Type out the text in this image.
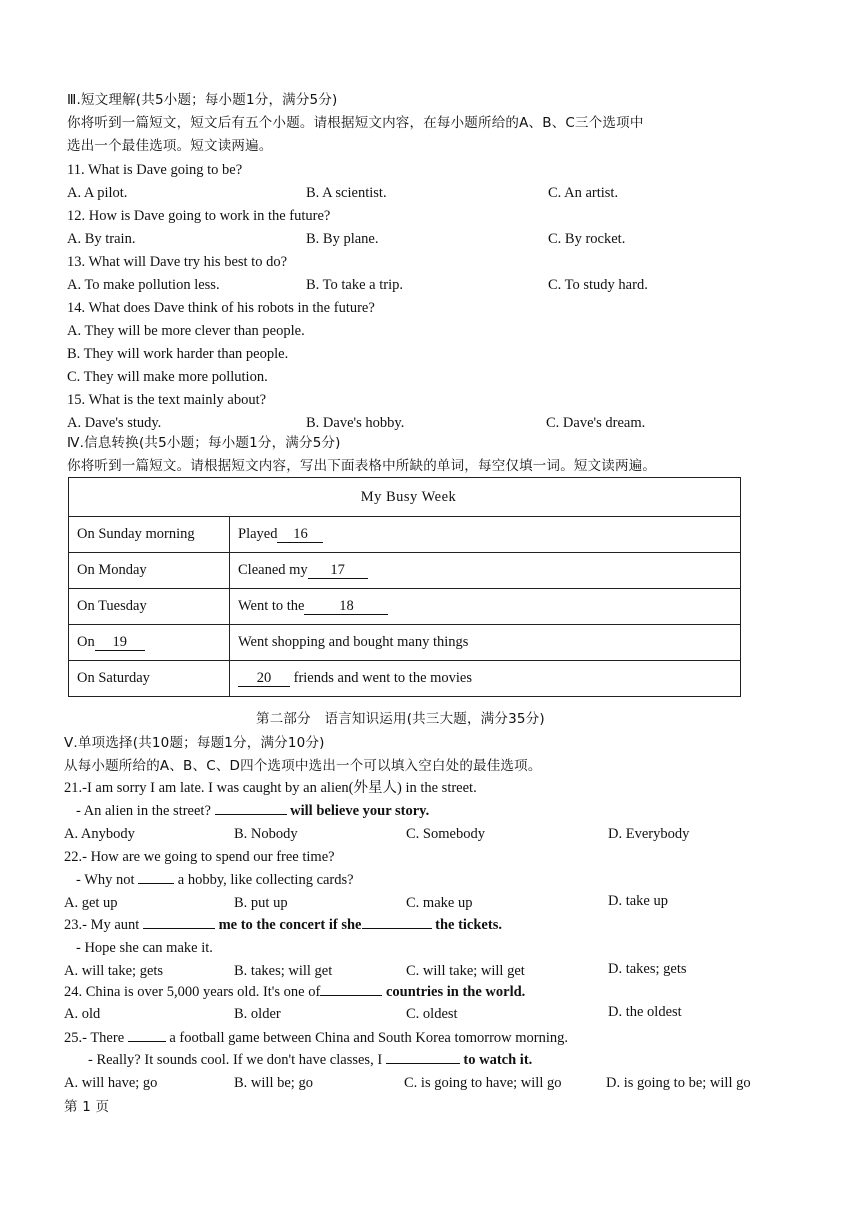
Ⅲ.短文理解(共5小题；每小题1分，满分5分)
你将听到一篇短文，短文后有五个小题。请根据短文内容，在每小题所给的A、B、C三个选项中
选出一个最佳选项。短文读两遍。
11. What is Dave going to be?
A. A pilot.	B. A scientist.	C. An artist.
12. How is Dave going to work in the future?
A. By train.	B. By plane.	C. By rocket.
13. What will Dave try his best to do?
A. To make pollution less.	B. To take a trip.	C. To study hard.
14. What does Dave think of his robots in the future?
A. They will be more clever than people.
B. They will work harder than people.
C. They will make more pollution.
15. What is the text mainly about?
A. Dave's study.	B. Dave's hobby.	C. Dave's dream.
Ⅳ.信息转换(共5小题；每小题1分，满分5分)
你将听到一篇短文。请根据短文内容，写出下面表格中所缺的单词，每空仅填一词。短文读两遍。
My Busy Week	
On Sunday morning	Played 16
On Monday	Cleaned my 17
On Tuesday	Went to the 18
On 19	Went shopping and bought many things
On Saturday	20 friends and went to the movies
第二部分　语言知识运用(共三大题，满分35分)
Ⅴ.单项选择(共10题；每题1分，满分10分)
从每小题所给的A、B、C、D四个选项中选出一个可以填入空白处的最佳选项。
21.-I am sorry I am late. I was caught by an alien(外星人) in the street.
- An alien in the street?	will believe your story.
A. Anybody	B. Nobody	C. Somebody	D. Everybody
22.- How are we going to spend our free time?
- Why not	a hobby, like collecting cards?
A. get up	B. put up	C. make up	D. take up
23.- My aunt	me to the concert if she	the tickets.
- Hope she can make it.
A. will take; gets	B. takes; will get	C. will take; will get	D. takes; gets
24. China is over 5,000 years old. It's one of	countries in the world.
A. old	B. older	C. oldest	D. the oldest
25.- There	a football game between China and South Korea tomorrow morning.
- Really? It sounds cool. If we don't have classes, I	to watch it.
A. will have; go	B. will be; go	C. is going to have; will go	D. is going to be; will go
第 1 页
